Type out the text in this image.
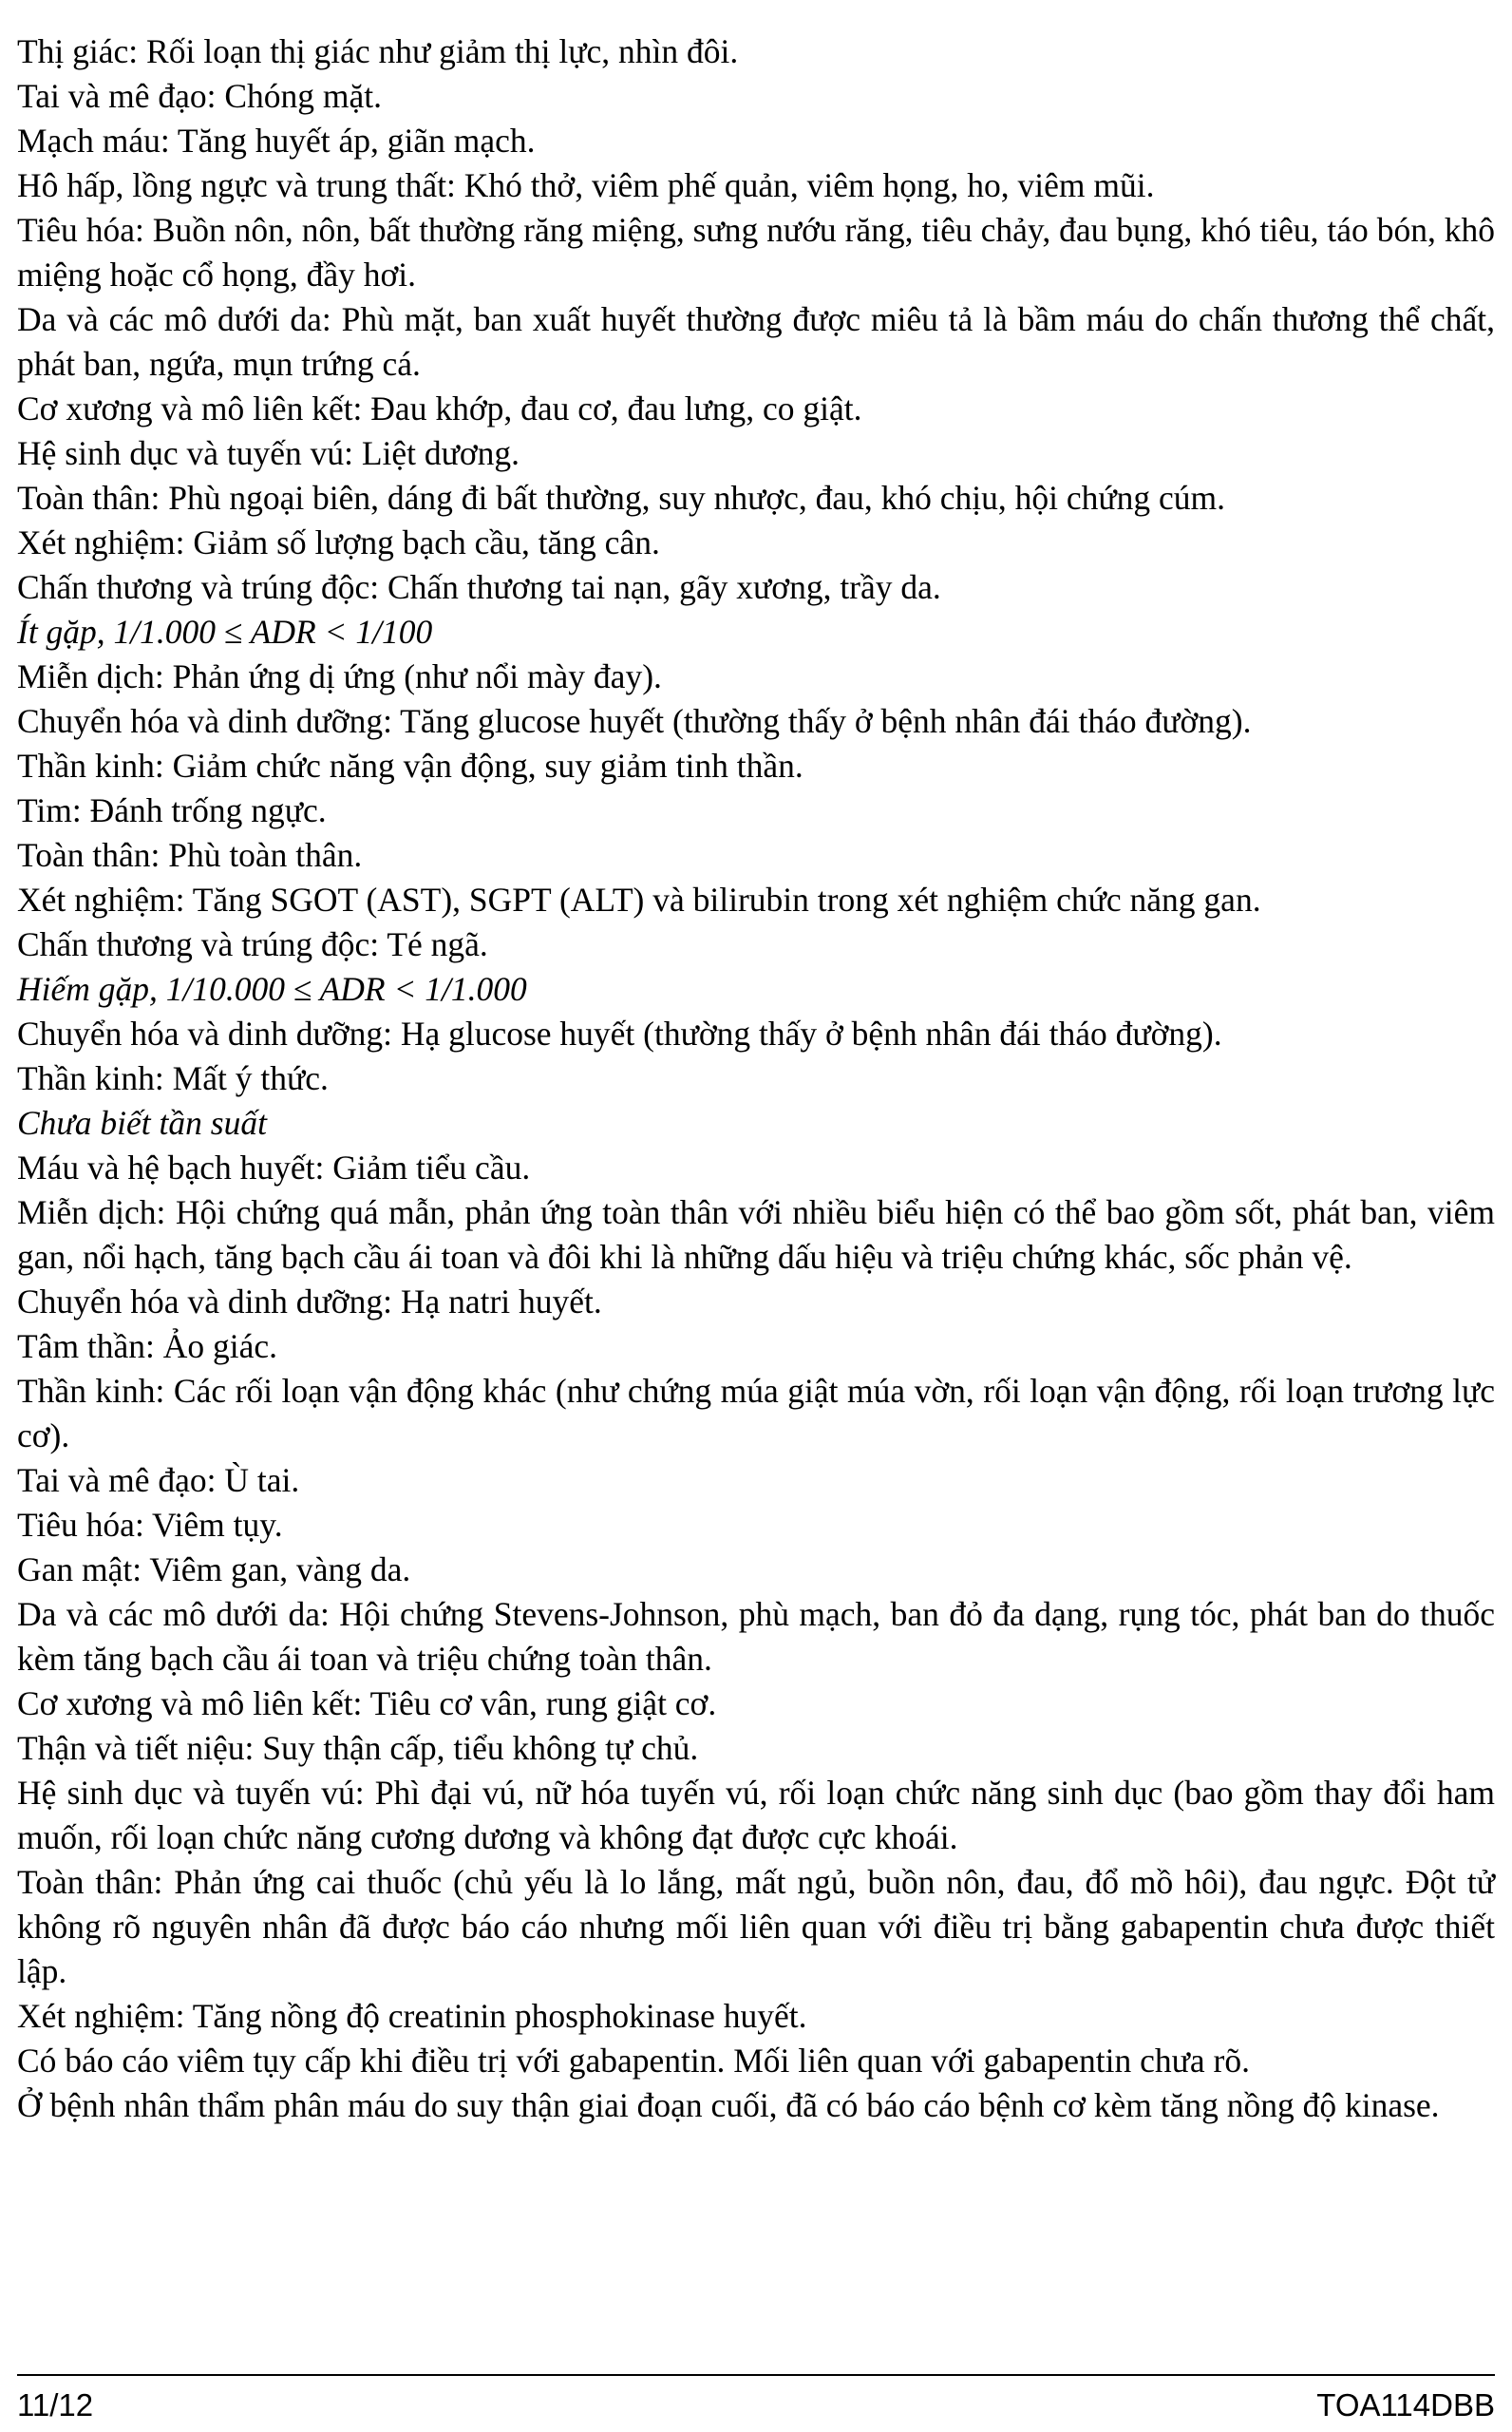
Thị giác: Rối loạn thị giác như giảm thị lực, nhìn đôi.

Tai và mê đạo: Chóng mặt.

Mạch máu: Tăng huyết áp, giãn mạch.

Hô hấp, lồng ngực và trung thất: Khó thở, viêm phế quản, viêm họng, ho, viêm mũi.

Tiêu hóa: Buồn nôn, nôn, bất thường răng miệng, sưng nướu răng, tiêu chảy, đau bụng, khó tiêu, táo bón, khô miệng hoặc cổ họng, đầy hơi.

Da và các mô dưới da: Phù mặt, ban xuất huyết thường được miêu tả là bầm máu do chấn thương thể chất, phát ban, ngứa, mụn trứng cá.

Cơ xương và mô liên kết: Đau khớp, đau cơ, đau lưng, co giật.

Hệ sinh dục và tuyến vú: Liệt dương.

Toàn thân: Phù ngoại biên, dáng đi bất thường, suy nhược, đau, khó chịu, hội chứng cúm.

Xét nghiệm: Giảm số lượng bạch cầu, tăng cân.

Chấn thương và trúng độc: Chấn thương tai nạn, gãy xương, trầy da.

Ít gặp, 1/1.000 ≤ ADR < 1/100

Miễn dịch: Phản ứng dị ứng (như nổi mày đay).

Chuyển hóa và dinh dưỡng: Tăng glucose huyết (thường thấy ở bệnh nhân đái tháo đường).

Thần kinh: Giảm chức năng vận động, suy giảm tinh thần.

Tim: Đánh trống ngực.

Toàn thân: Phù toàn thân.

Xét nghiệm: Tăng SGOT (AST), SGPT (ALT) và bilirubin trong xét nghiệm chức năng gan.

Chấn thương và trúng độc: Té ngã.

Hiếm gặp, 1/10.000 ≤ ADR < 1/1.000

Chuyển hóa và dinh dưỡng: Hạ glucose huyết (thường thấy ở bệnh nhân đái tháo đường).

Thần kinh: Mất ý thức.

Chưa biết tần suất

Máu và hệ bạch huyết: Giảm tiểu cầu.

Miễn dịch: Hội chứng quá mẫn, phản ứng toàn thân với nhiều biểu hiện có thể bao gồm sốt, phát ban, viêm gan, nổi hạch, tăng bạch cầu ái toan và đôi khi là những dấu hiệu và triệu chứng khác, sốc phản vệ.

Chuyển hóa và dinh dưỡng: Hạ natri huyết.

Tâm thần: Ảo giác.

Thần kinh: Các rối loạn vận động khác (như chứng múa giật múa vờn, rối loạn vận động, rối loạn trương lực cơ).

Tai và mê đạo: Ù tai.

Tiêu hóa: Viêm tụy.

Gan mật: Viêm gan, vàng da.

Da và các mô dưới da: Hội chứng Stevens-Johnson, phù mạch, ban đỏ đa dạng, rụng tóc, phát ban do thuốc kèm tăng bạch cầu ái toan và triệu chứng toàn thân.

Cơ xương và mô liên kết: Tiêu cơ vân, rung giật cơ.

Thận và tiết niệu: Suy thận cấp, tiểu không tự chủ.

Hệ sinh dục và tuyến vú: Phì đại vú, nữ hóa tuyến vú, rối loạn chức năng sinh dục (bao gồm thay đổi ham muốn, rối loạn chức năng cương dương và không đạt được cực khoái.

Toàn thân: Phản ứng cai thuốc (chủ yếu là lo lắng, mất ngủ, buồn nôn, đau, đổ mồ hôi), đau ngực. Đột tử không rõ nguyên nhân đã được báo cáo nhưng mối liên quan với điều trị bằng gabapentin chưa được thiết lập.

Xét nghiệm: Tăng nồng độ creatinin phosphokinase huyết.

Có báo cáo viêm tụy cấp khi điều trị với gabapentin. Mối liên quan với gabapentin chưa rõ.

Ở bệnh nhân thẩm phân máu do suy thận giai đoạn cuối, đã có báo cáo bệnh cơ kèm tăng nồng độ kinase.

11/12	TOA114DBB
